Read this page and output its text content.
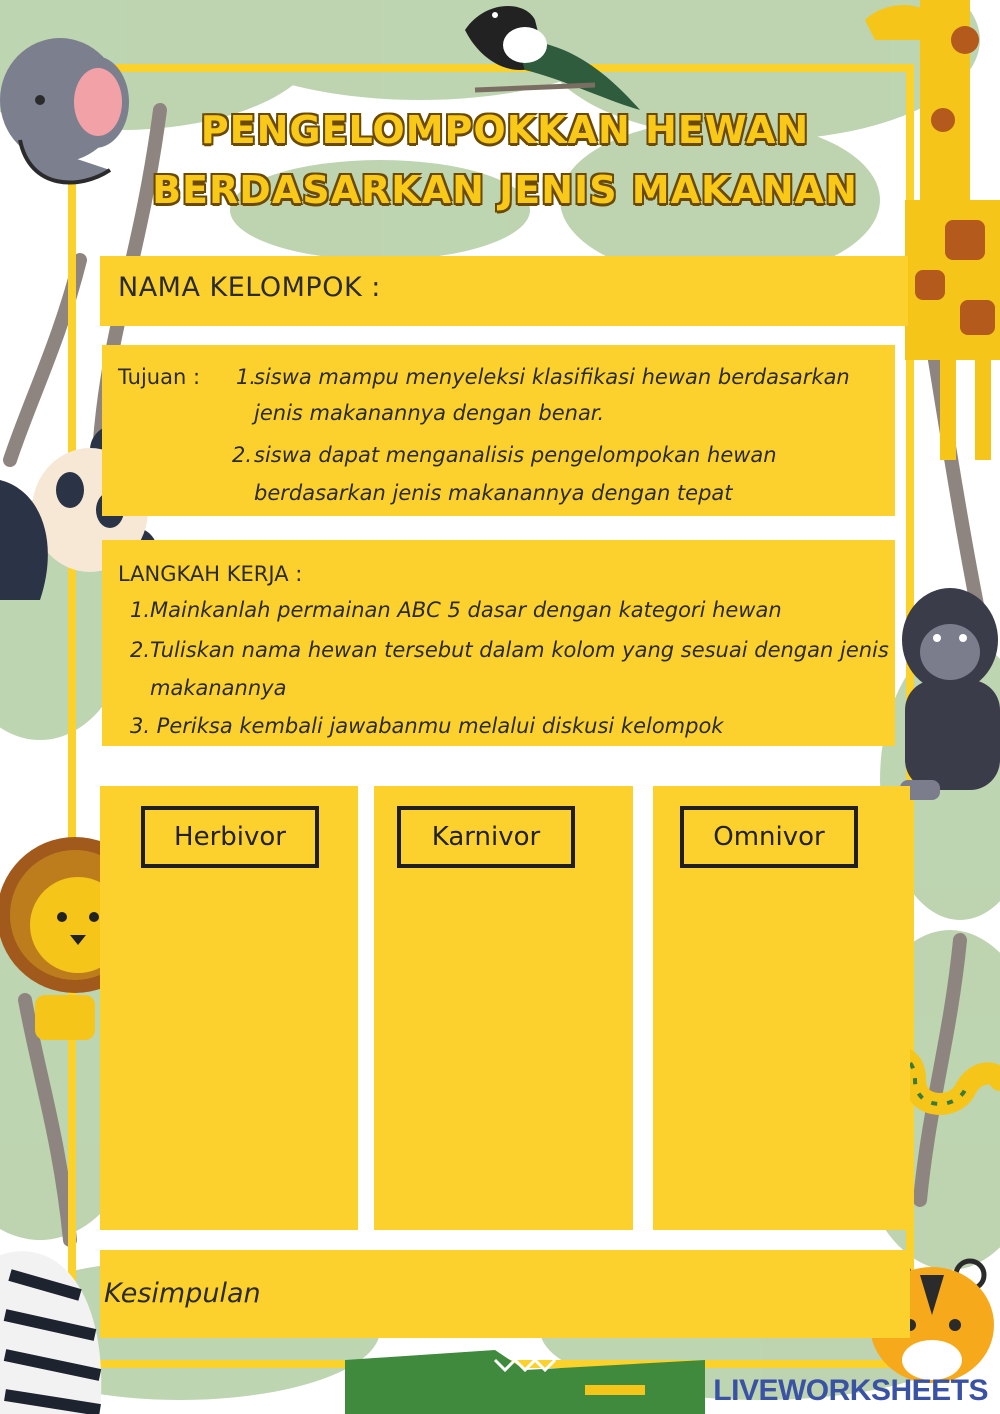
PENGELOMPOKKAN HEWAN
BERDASARKAN JENIS MAKANAN
NAMA KELOMPOK :
Tujuan : 1.
siswa mampu menyeleksi klasifikasi hewan berdasarkan
jenis makanannya dengan benar.
2. siswa dapat menganalisis pengelompokan hewan
berdasarkan jenis makanannya dengan tepat
LANGKAH KERJA :
1. Mainkanlah permainan ABC 5 dasar dengan kategori hewan
2. Tuliskan nama hewan tersebut dalam kolom yang sesuai dengan jenis
makanannya
3. Periksa kembali jawabanmu melalui diskusi kelompok
Herbivor	Karnivor	Omnivor
Kesimpulan
LIVEWORKSHEETS
